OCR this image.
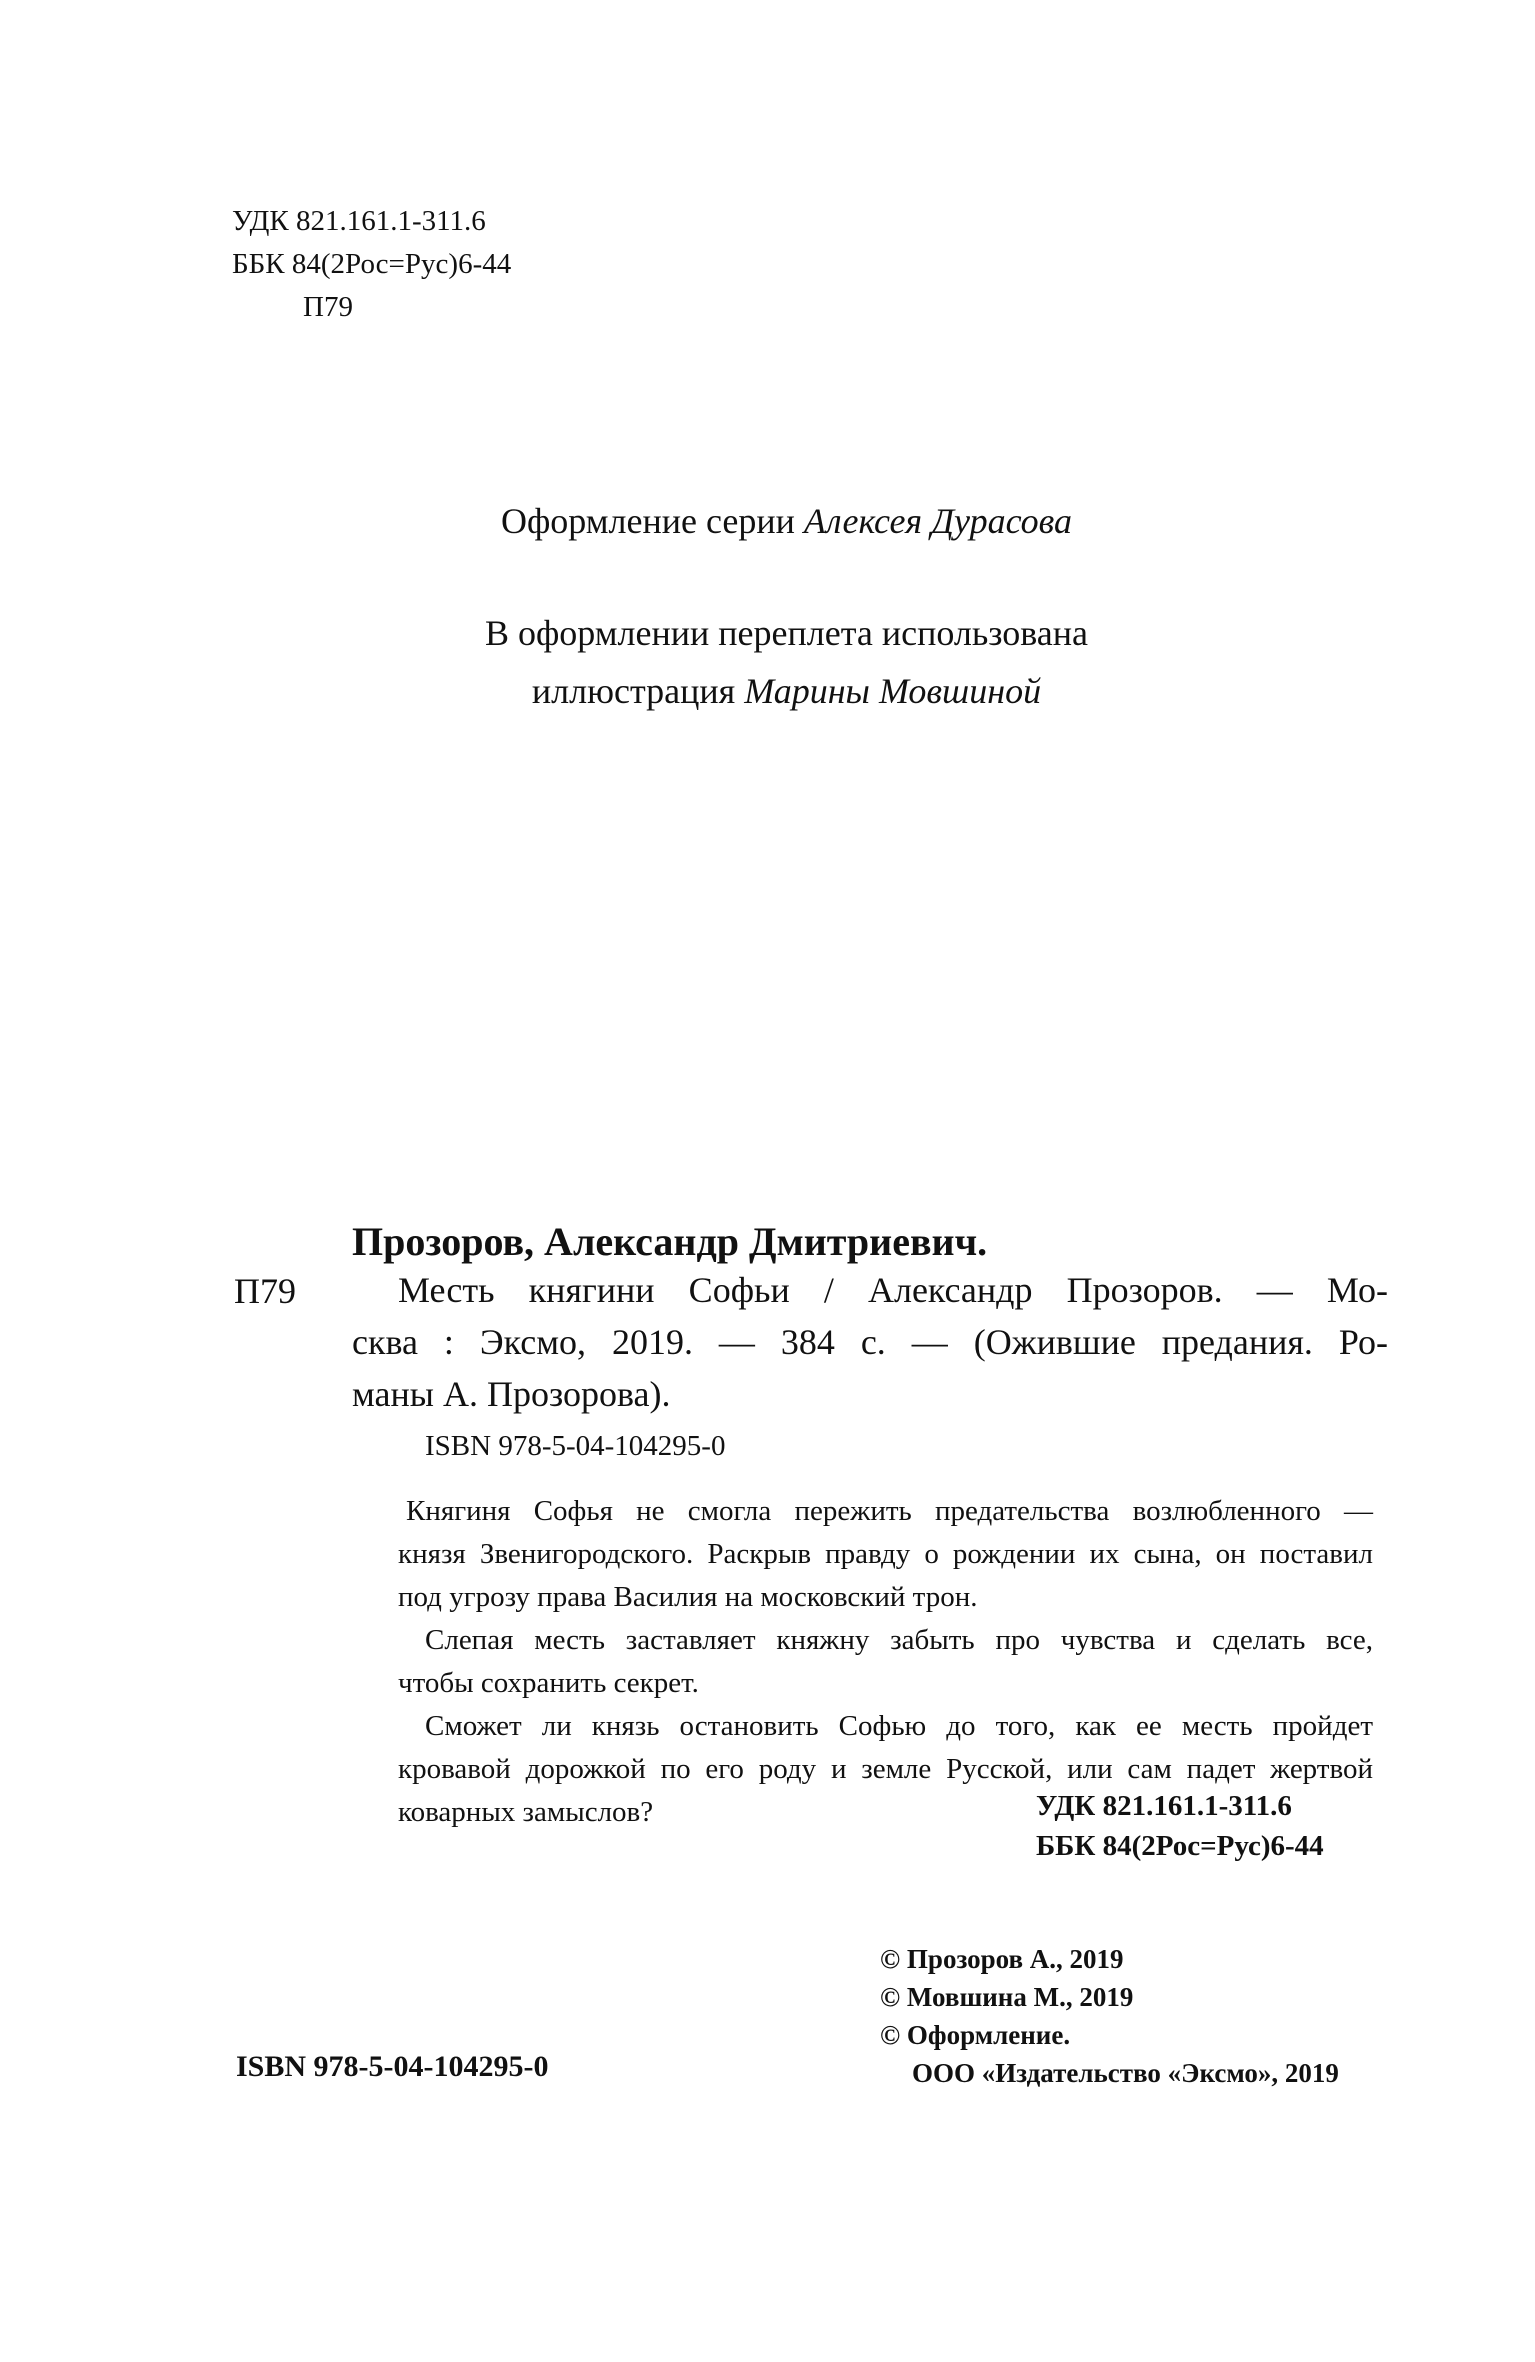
УДК 821.161.1-311.6
ББК 84(2Рос=Рус)6-44
П79
Оформление серии Алексея Дурасова
В оформлении переплета использована
иллюстрация Марины Мовшиной
Прозоров, Александр Дмитриевич.
П79	Месть княгини Софьи / Александр Прозоров. — Мо-
сква : Эксмо, 2019. — 384 с. — (Ожившие предания. Ро-
маны А. Прозорова).
ISBN 978-5-04-104295-0
Княгиня Софья не смогла пережить предательства возлюбленного —
князя Звенигородского. Раскрыв правду о рождении их сына, он поставил
под угрозу права Василия на московский трон.
Слепая месть заставляет княжну забыть про чувства и сделать все,
чтобы сохранить секрет.
Сможет ли князь остановить Софью до того, как ее месть пройдет
кровавой дорожкой по его роду и земле Русской, или сам падет жертвой
коварных замыслов?	УДК 821.161.1-311.6
ББК 84(2Рос=Рус)6-44
© Прозоров А., 2019
© Мовшина М., 2019
© Оформление.
ООО «Издательство «Эксмо», 2019
ISBN 978-5-04-104295-0
